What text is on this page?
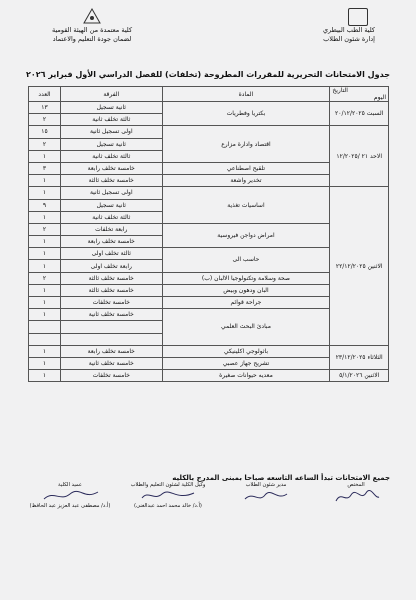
كلية الطب البيطري
إدارة شئون الطلاب
كلية معتمدة من الهيئة القومية
لضمان جودة التعليم والاعتماد
جدول الامتحانات التحريرية للمقررات المطروحة (تخلفات) للفصل الدراسي الأول فبراير ٢٠٢٦
التاريخ
اليوم	المادة	الفرقة	العدد
السبت ٢٠/١٢/٢٠٢٥	بكتريا وفطريات	ثانية تسجيل	١٣
		ثالثة تخلف ثانية	٢
الاحد ٢١ /١٢/٢٠٢٥	اقتصاد وادارة مزارع	اولى تسجيل ثانية	١٥
		ثانية تسجيل	٢
		ثالثة تخلف ثانية	١
	تلقيح اصطناعي	خامسة تخلف رابعة	٣
	تخدير واشعة	خامسة تخلف ثالثة	١
الاثنين ٢٢/١٢/٢٠٢٥	اساسيات تغذية	اولى تسجيل ثانية	١
		ثانية تسجيل	٩
		ثالثة تخلف ثانية	١
	امراض دواجن فيروسية	رابعة تخلفات	٢
		خامسة تخلف رابعة	١
	حاسب الى	ثالثة تخلف اولى	١
		رابعة تخلف اولى	١
	صحة وسلامة وتكنولوجيا الالبان (ب)	خامسة تخلف ثالثة	٢
	البان ودهون وبيض	خامسة تخلف ثالثة	١
	جراحة قوائم	خامسة تخلفات	١
	مبادئ البحث العلمي	خامسة تخلف ثانية	١

الثلاثاء ٢٣/١٢/٢٠٢٥	باثولوجي اكلينيكي	خامسة تخلف رابعة	١
	تشريح جهاز عصبي	خامسة تخلف ثانية	١
الاثنين ٥/١/٢٠٢٦	معديه حيوانات صغيرة	خامسة تخلفات	١
جميع الامتحانات تبدأ الساعه التاسعه صباحا بمبنى المدرج بالكليه
المختص
مدير شئون الطلاب
وكيل الكلية لشئون التعليم والطلاب
(أ.د/ خالد محمد احمد عبدالغنى)
عميد الكلية
(أ.د/ مصطفى عبد العزيز عبد الحافظ)
